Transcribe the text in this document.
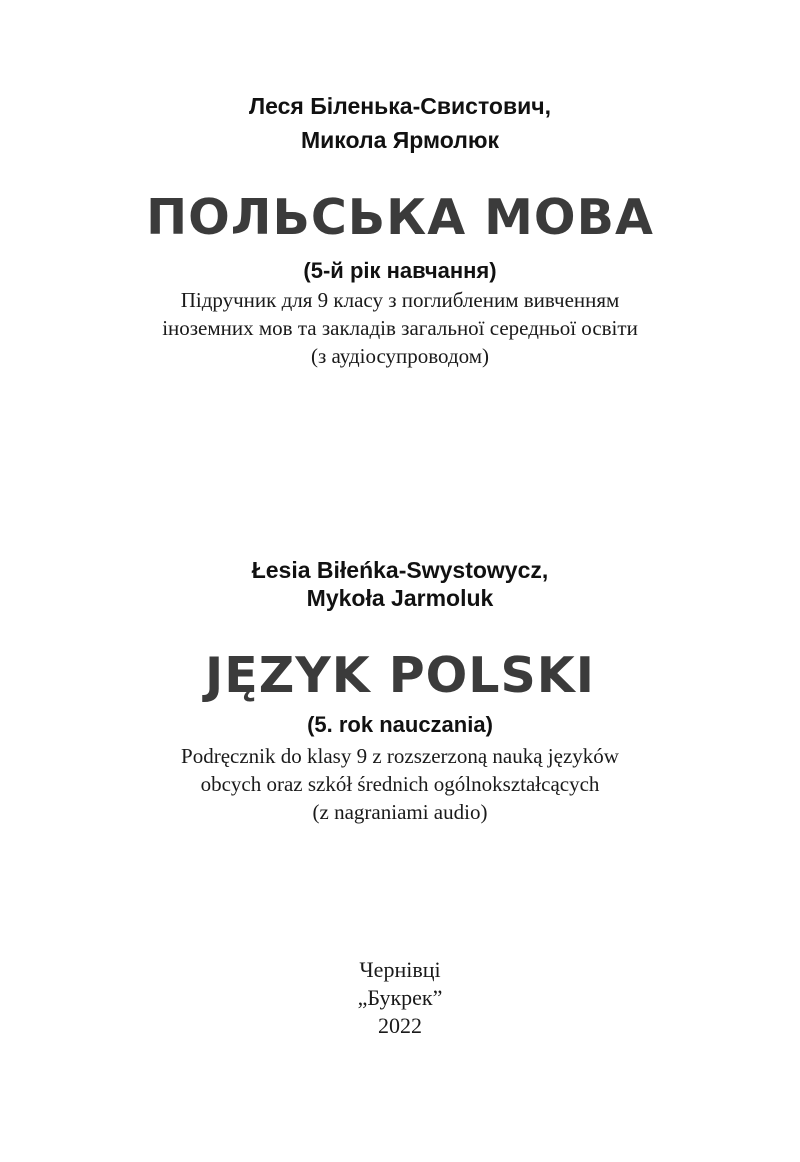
Леся Біленька-Свистович,

Микола Ярмолюк

ПОЛЬСЬКА МОВА

(5-й рік навчання)

Підручник для 9 класу з поглибленим вивченням

іноземних мов та закладів загальної середньої освіти

(з аудіосупроводом)

Łesia Biłeńka-Swystowycz,

Mykoła Jarmoluk

JĘZYK POLSKI

(5. rok nauczania)

Podręcznik do klasy 9 z rozszerzoną nauką języków

obcych oraz szkół średnich ogólnokształcących

(z nagraniami audio)

Чернівці

„Букрек”

2022
